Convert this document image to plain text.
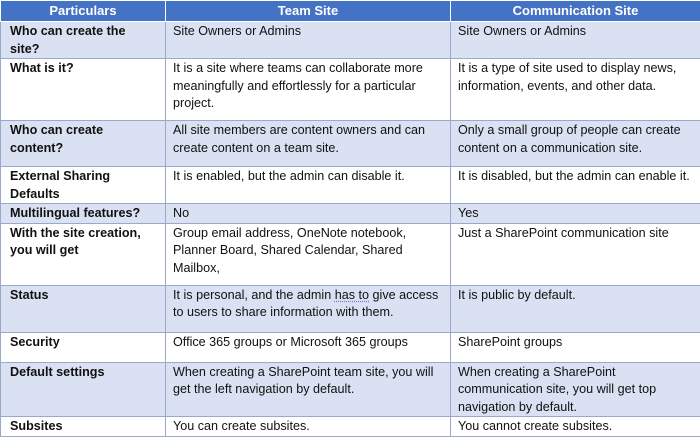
Particulars	Team Site	Communication Site
Who can create the site?	Site Owners or Admins	Site Owners or Admins
What is it?	It is a site where teams can collaborate more meaningfully and effortlessly for a particular project.	It is a type of site used to display news, information, events, and other data.
Who can create content?	All site members are content owners and can create content on a team site.	Only a small group of people can create content on a communication site.
External Sharing Defaults	It is enabled, but the admin can disable it.	It is disabled, but the admin can enable it.
Multilingual features?	No	Yes
With the site creation, you will get	Group email address, OneNote notebook, Planner Board, Shared Calendar, Shared Mailbox,	Just a SharePoint communication site
Status	It is personal, and the admin has to give access to users to share information with them.	It is public by default.
Security	Office 365 groups or Microsoft 365 groups	SharePoint groups
Default settings	When creating a SharePoint team site, you will get the left navigation by default.	When creating a SharePoint communication site, you will get top navigation by default.
Subsites	You can create subsites.	You cannot create subsites.
